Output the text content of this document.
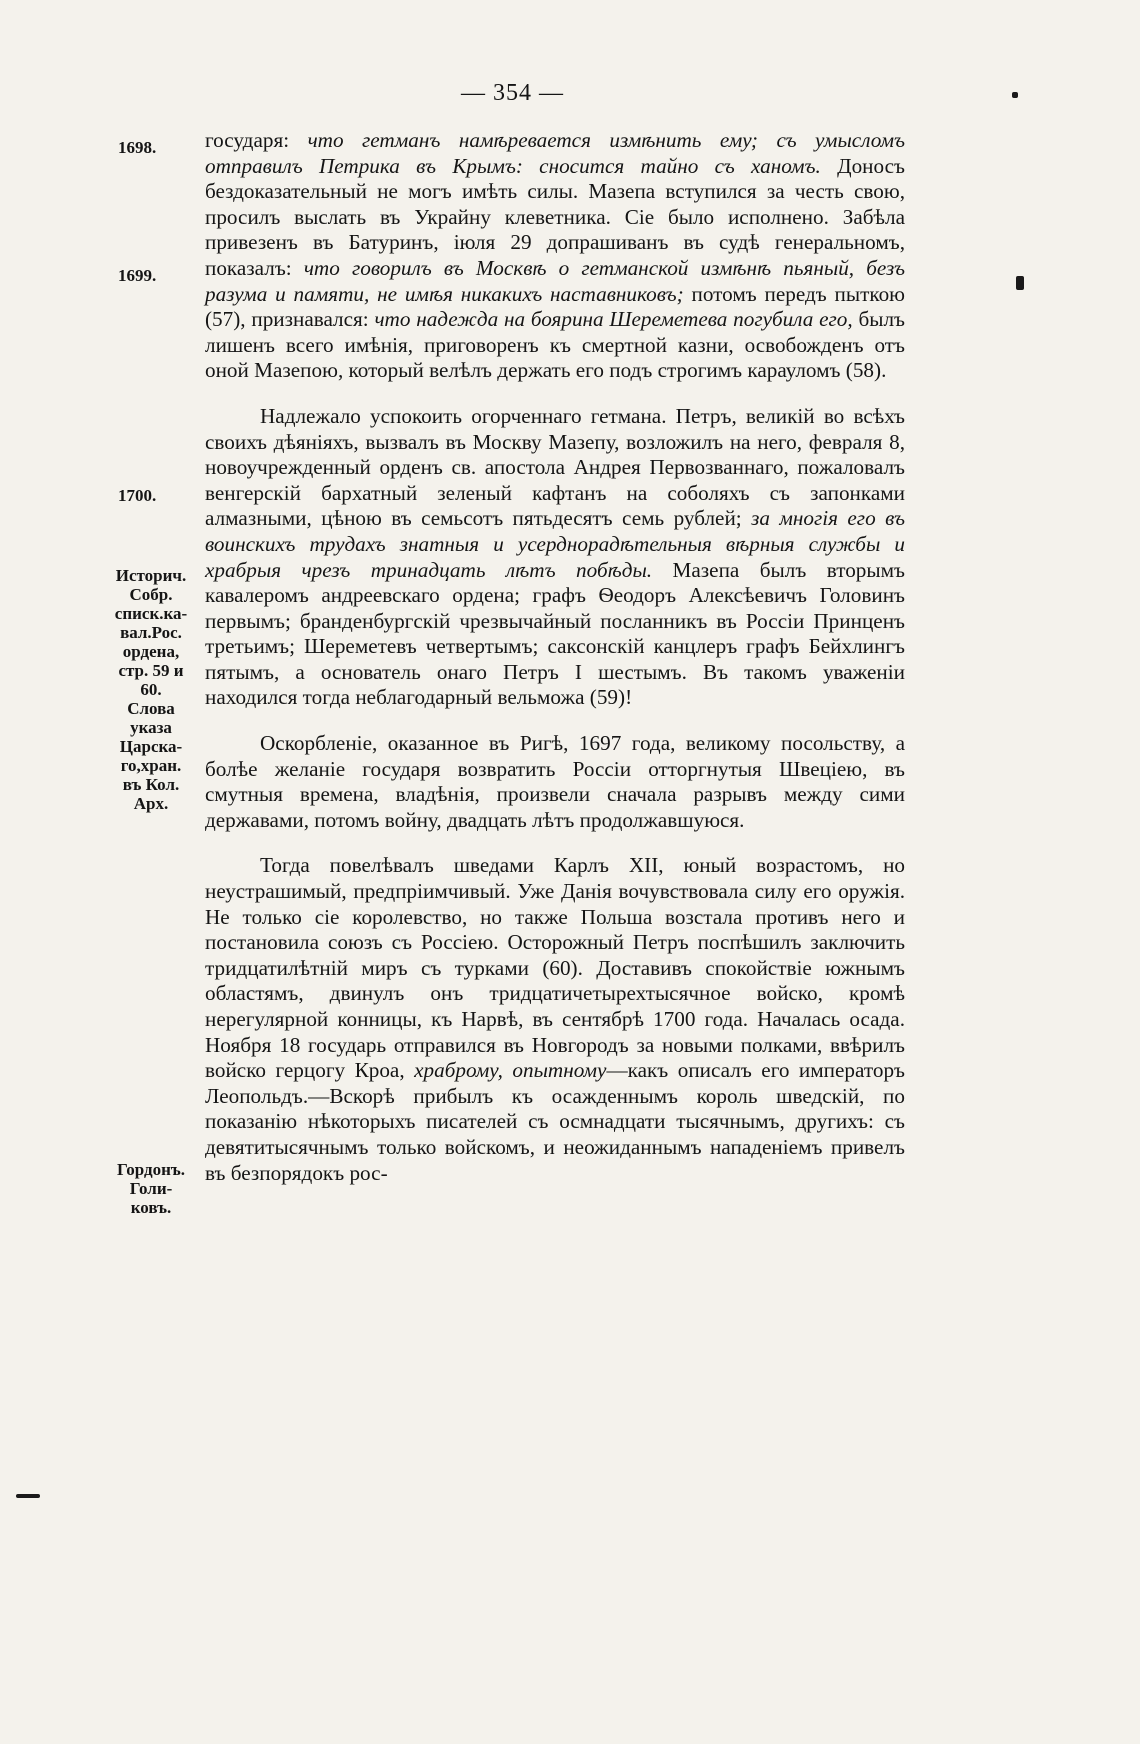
— 354 —
1698.
1699.
1700.
Историч.
Собр.
списк.ка-
вал.Рос.
ордена,
стр. 59 и
60.
Слова
указа
Царска-
го,хран.
въ Кол.
Арх.
Гордонъ.
Голи-
ковъ.

государя: что гетманъ намѣревается измѣнить ему; съ умысломъ отправилъ Петрика въ Крымъ: сносится тайно съ ханомъ. Доносъ бездоказательный не могъ имѣть силы. Мазепа вступился за честь свою, просилъ выслать въ Украйну клеветника. Сіе было исполнено. Забѣла привезенъ въ Батуринъ, іюля 29 допрашиванъ въ судѣ генеральномъ, показалъ: что говорилъ въ Москвѣ о гетманской измѣнѣ пьяный, безъ разума и памяти, не имѣя никакихъ наставниковъ; потомъ передъ пыткою (57), признавался: что надежда на боярина Шереметева погубила его, былъ лишенъ всего имѣнія, приговоренъ къ смертной казни, освобожденъ отъ оной Мазепою, который велѣлъ держать его подъ строгимъ карауломъ (58).

Надлежало успокоить огорченнаго гетмана. Петръ, великій во всѣхъ своихъ дѣяніяхъ, вызвалъ въ Москву Мазепу, возложилъ на него, февраля 8, новоучрежденный орденъ св. апостола Андрея Первозваннаго, пожаловалъ венгерскій бархатный зеленый кафтанъ на соболяхъ съ запонками алмазными, цѣною въ семьсотъ пятьдесятъ семь рублей; за многія его въ воинскихъ трудахъ знатныя и усерднорадѣтельныя вѣрныя службы и храбрыя чрезъ тринадцать лѣтъ побѣды. Мазепа былъ вторымъ кавалеромъ андреевскаго ордена; графъ Ѳеодоръ Алексѣевичъ Головинъ первымъ; бранденбургскій чрезвычайный посланникъ въ Россіи Принценъ третьимъ; Шереметевъ четвертымъ; саксонскій канцлеръ графъ Бейхлингъ пятымъ, а основатель онаго Петръ I шестымъ. Въ такомъ уваженіи находился тогда неблагодарный вельможа (59)!

Оскорбленіе, оказанное въ Ригѣ, 1697 года, великому посольству, а болѣе желаніе государя возвратить Россіи отторгнутыя Швеціею, въ смутныя времена, владѣнія, произвели сначала разрывъ между сими державами, потомъ войну, двадцать лѣтъ продолжавшуюся.

Тогда повелѣвалъ шведами Карлъ XII, юный возрастомъ, но неустрашимый, предпріимчивый. Уже Данія вочувствовала силу его оружія. Не только сіе королевство, но также Польша возстала противъ него и постановила союзъ съ Россіею. Осторожный Петръ поспѣшилъ заключить тридцатилѣтній миръ съ турками (60). Доставивъ спокойствіе южнымъ областямъ, двинулъ онъ тридцатичетырехтысячное войско, кромѣ нерегулярной конницы, къ Нарвѣ, въ сентябрѣ 1700 года. Началась осада. Ноября 18 государь отправился въ Новгородъ за новыми полками, ввѣрилъ войско герцогу Кроа, храброму, опытному—какъ описалъ его императоръ Леопольдъ.—Вскорѣ прибылъ къ осажденнымъ король шведскій, по показанію нѣкоторыхъ писателей съ осмнадцати тысячнымъ, другихъ: съ девятитысячнымъ только войскомъ, и неожиданнымъ нападеніемъ привелъ въ безпорядокъ рос-
